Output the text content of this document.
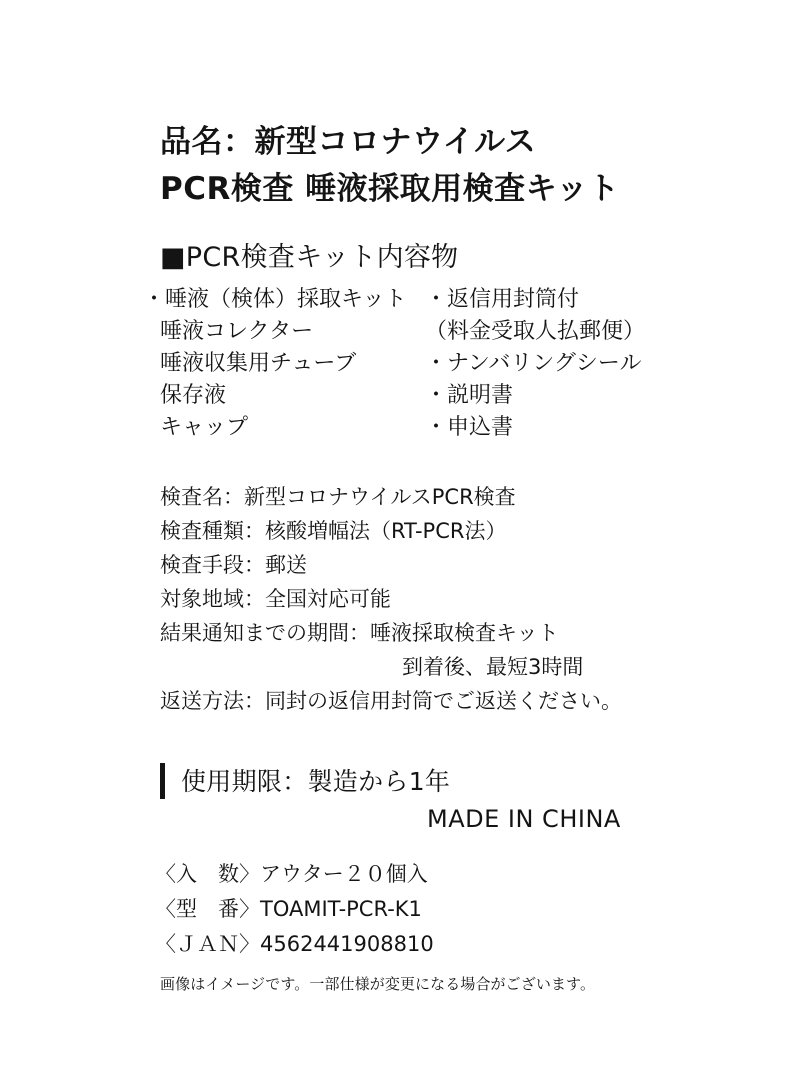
品名：新型コロナウイルス
PCR検査 唾液採取用検査キット
■PCR検査キット内容物
・唾液（検体）採取キット
唾液コレクター
唾液収集用チューブ
保存液
キャップ
・返信用封筒付
（料金受取人払郵便）
・ナンバリングシール
・説明書
・申込書
検査名：新型コロナウイルスPCR検査
検査種類：核酸増幅法（RT-PCR法）
検査手段：郵送
対象地域：全国対応可能
結果通知までの期間：唾液採取検査キット
到着後、最短3時間
返送方法：同封の返信用封筒でご返送ください。
使用期限：製造から1年
MADE IN CHINA
〈入　数〉アウター２０個入
〈型　番〉TOAMIT-PCR-K1
〈ＪＡＮ〉4562441908810
画像はイメージです。一部仕様が変更になる場合がございます。
